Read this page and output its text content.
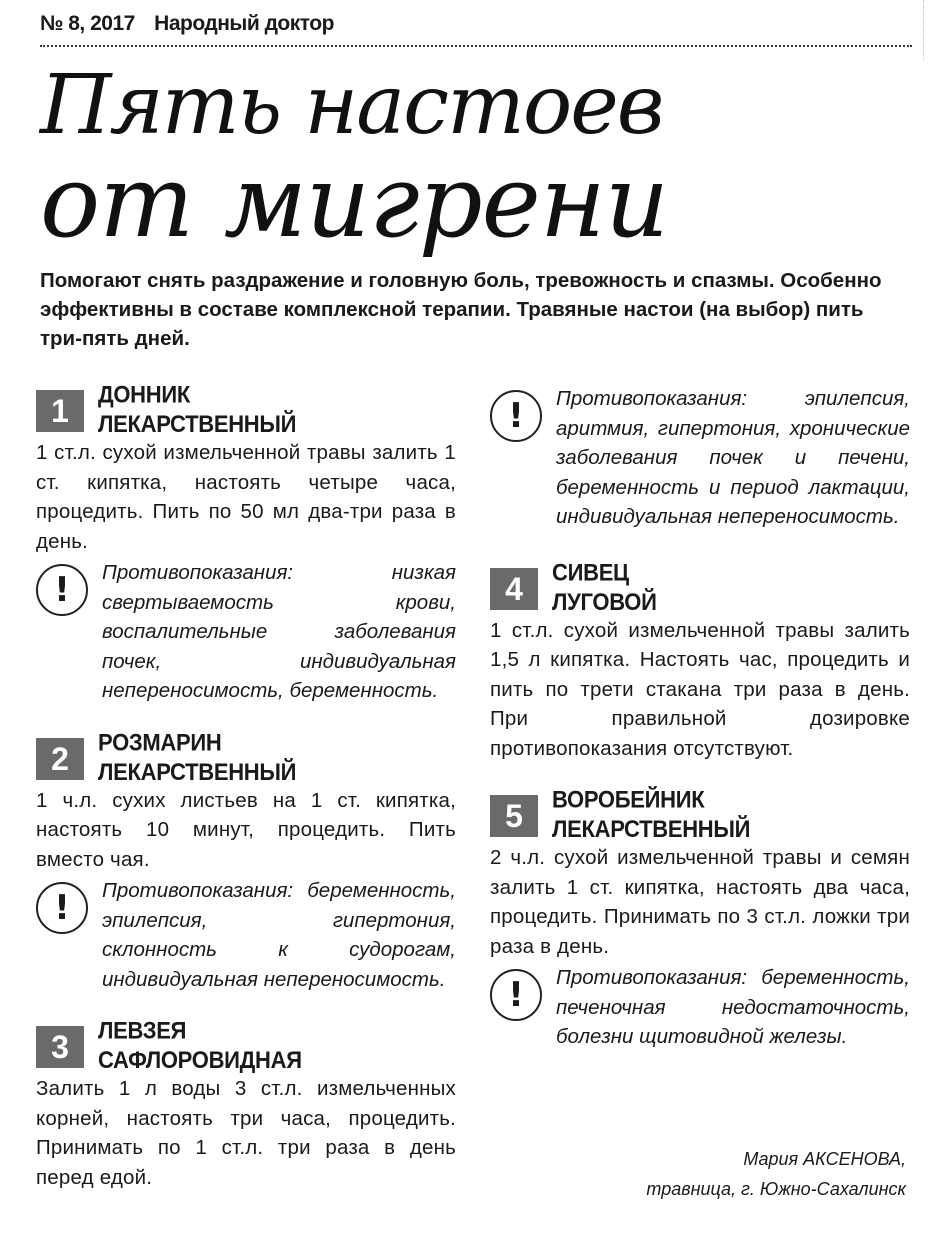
№ 8, 2017 Народный доктор
Пять настоев
от мигрени

Помогают снять раздражение и головную боль, тревожность и спазмы. Особенно эффективны в составе комплексной терапии. Травяные настои (на выбор) пить три-пять дней.

1	ДОННИК
ЛЕКАРСТВЕННЫЙ
1 ст.л. сухой измельченной травы залить 1 ст. кипятка, настоять четыре часа, процедить. Пить по 50 мл два-три раза в день.
!	Противопоказания: низкая свертываемость крови, воспалительные заболевания почек, индивидуальная непереносимость, беременность.
2	РОЗМАРИН
ЛЕКАРСТВЕННЫЙ
1 ч.л. сухих листьев на 1 ст. кипятка, настоять 10 минут, процедить. Пить вместо чая.
!	Противопоказания: беременность, эпилепсия, гипертония, склонность к судорогам, индивидуальная непереносимость.
3	ЛЕВЗЕЯ
САФЛОРОВИДНАЯ
Залить 1 л воды 3 ст.л. измельченных корней, настоять три часа, процедить. Принимать по 1 ст.л. три раза в день перед едой.
!	Противопоказания: эпилепсия, аритмия, гипертония, хронические заболевания почек и печени, беременность и период лактации, индивидуальная непереносимость.
4	СИВЕЦ
ЛУГОВОЙ
1 ст.л. сухой измельченной травы залить 1,5 л кипятка. Настоять час, процедить и пить по трети стакана три раза в день. При правильной дозировке противопоказания отсутствуют.
5	ВОРОБЕЙНИК
ЛЕКАРСТВЕННЫЙ
2 ч.л. сухой измельченной травы и семян залить 1 ст. кипятка, настоять два часа, процедить. Принимать по 3 ст.л. ложки три раза в день.
!	Противопоказания: беременность, печеночная недостаточность, болезни щитовидной железы.
Мария АКСЕНОВА,
травница, г. Южно-Сахалинск
